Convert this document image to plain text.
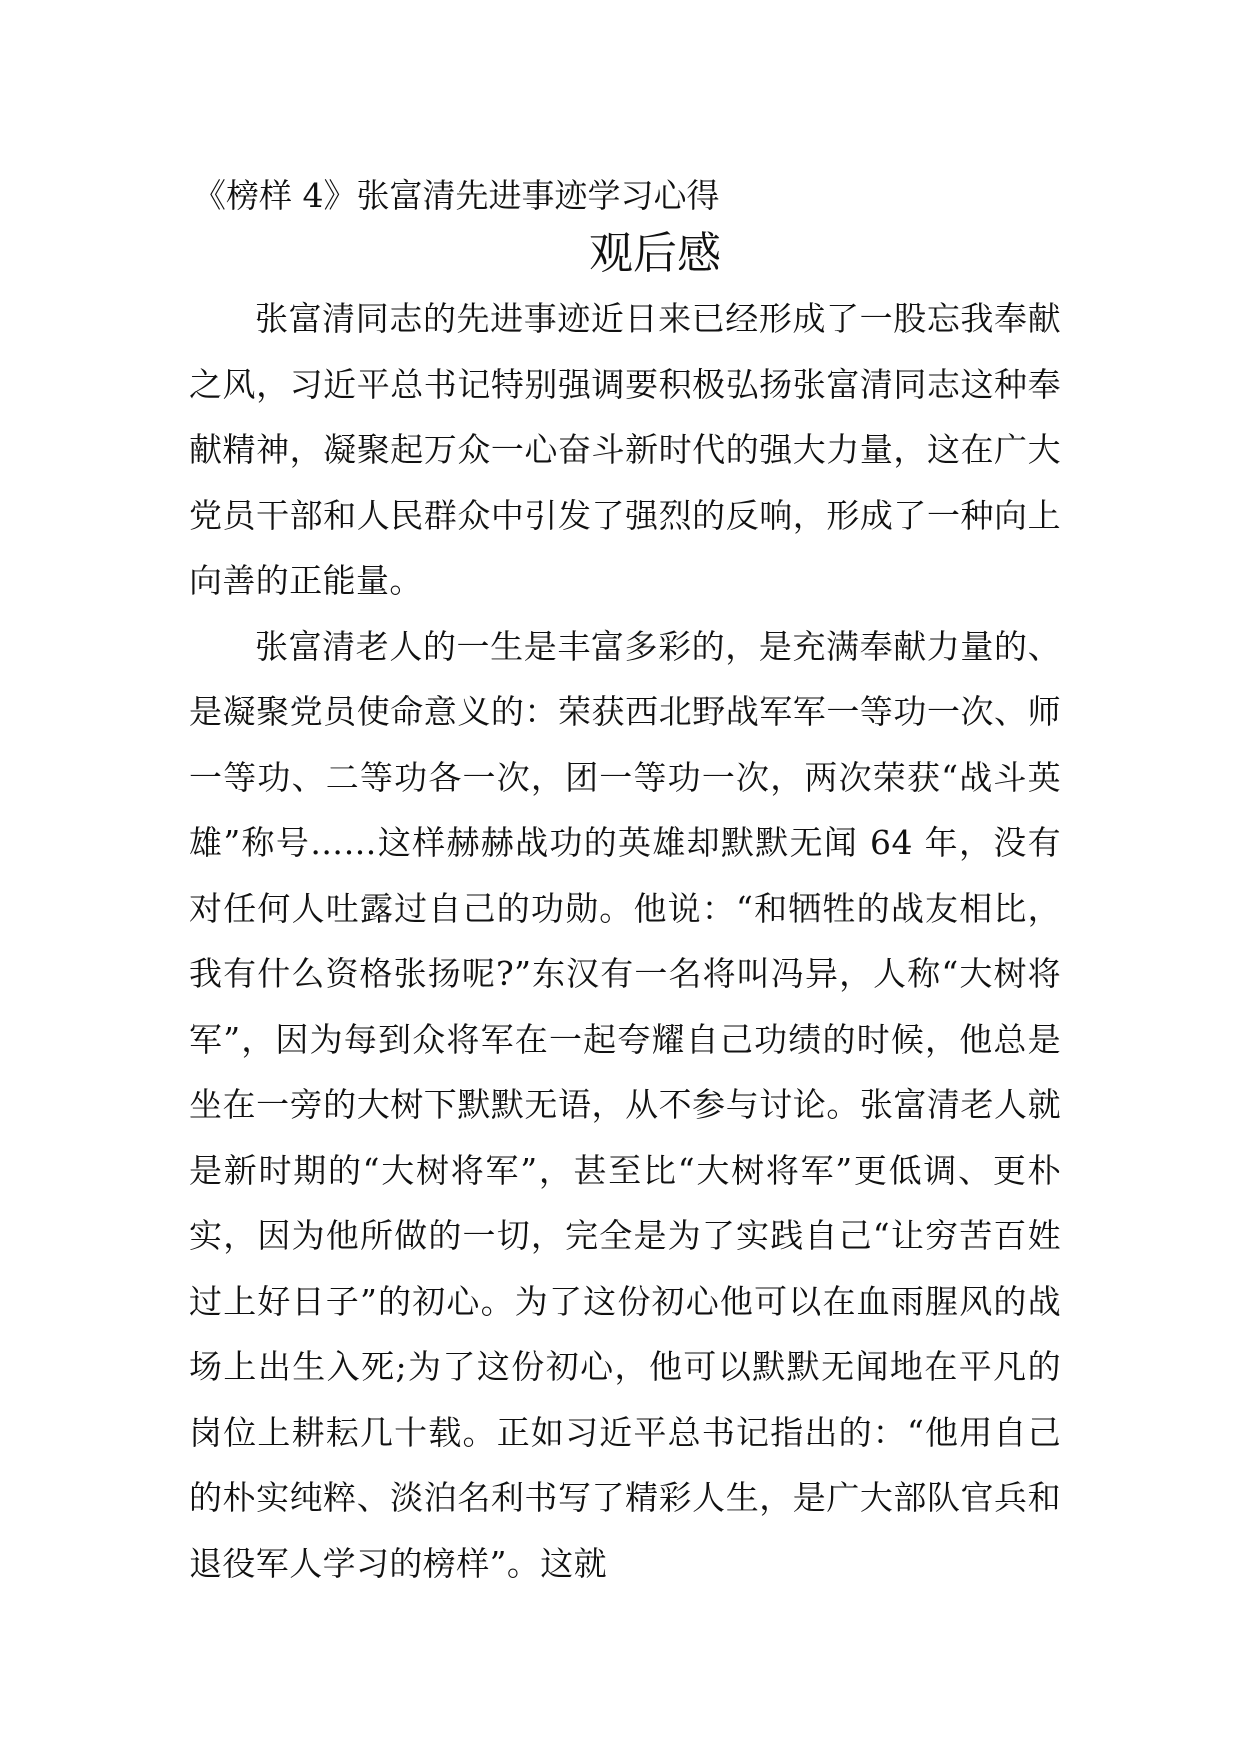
《榜样 4》张富清先进事迹学习心得
观后感

张富清同志的先进事迹近日来已经形成了一股忘我奉献之风，习近平总书记特别强调要积极弘扬张富清同志这种奉献精神，凝聚起万众一心奋斗新时代的强大力量，这在广大党员干部和人民群众中引发了强烈的反响，形成了一种向上向善的正能量。

张富清老人的一生是丰富多彩的，是充满奉献力量的、是凝聚党员使命意义的：荣获西北野战军军一等功一次、师一等功、二等功各一次，团一等功一次，两次荣获“战斗英雄”称号……这样赫赫战功的英雄却默默无闻 64 年，没有对任何人吐露过自己的功勋。他说：“和牺牲的战友相比，我有什么资格张扬呢?”东汉有一名将叫冯异，人称“大树将军”，因为每到众将军在一起夸耀自己功绩的时候，他总是坐在一旁的大树下默默无语，从不参与讨论。张富清老人就是新时期的“大树将军”，甚至比“大树将军”更低调、更朴实，因为他所做的一切，完全是为了实践自己“让穷苦百姓过上好日子”的初心。为了这份初心他可以在血雨腥风的战场上出生入死;为了这份初心，他可以默默无闻地在平凡的岗位上耕耘几十载。正如习近平总书记指出的：“他用自己的朴实纯粹、淡泊名利书写了精彩人生，是广大部队官兵和退役军人学习的榜样”。这就
